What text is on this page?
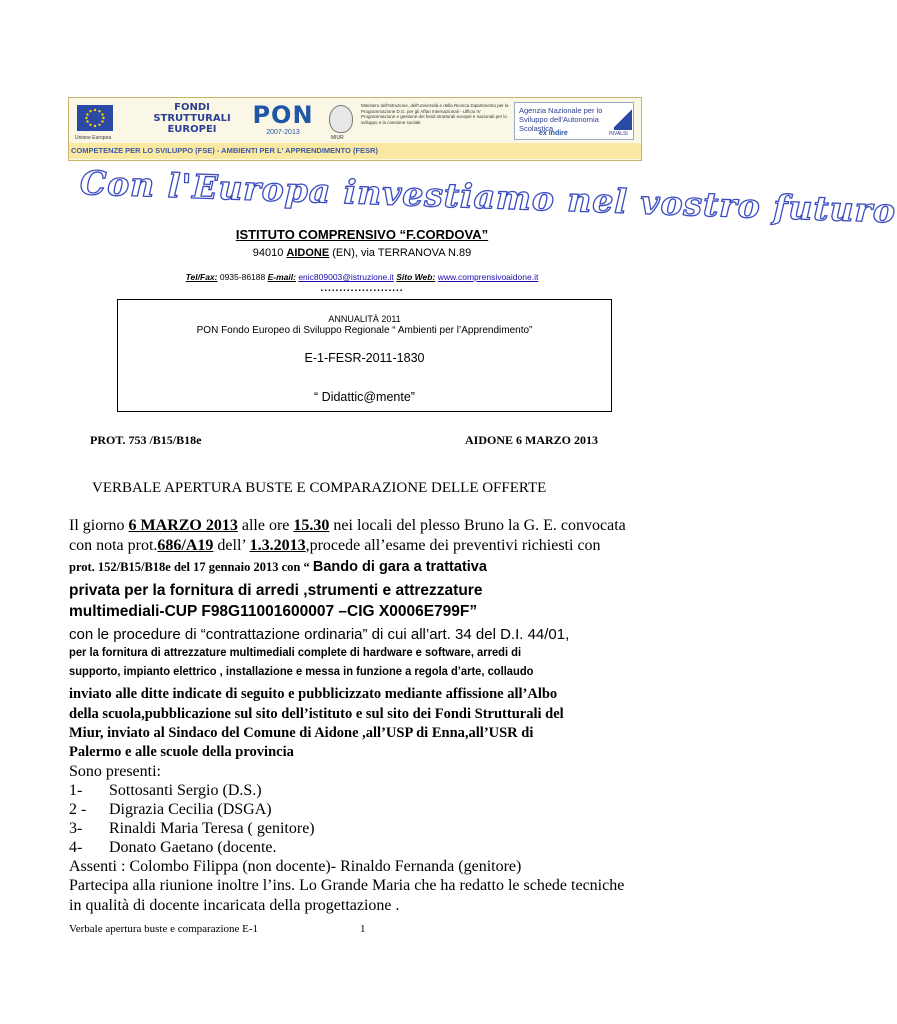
Unione Europea
FONDI STRUTTURALI EUROPEI
PON
2007-2013
MIUR
Ministero dell'Istruzione, dell'Università e della Ricerca Dipartimento per la Programmazione D.G. per gli Affari Internazionali - Ufficio IV Programmazione e gestione dei fondi strutturali europei e nazionali per lo sviluppo e la coesione sociale
Agenzia Nazionale per lo Sviluppo dell'Autonomia Scolastica
ex indire	INVALSI
COMPETENZE PER LO SVILUPPO (FSE) - AMBIENTI PER L' APPRENDIMENTO (FESR)
Con l'Europa investiamo nel vostro futuro
ISTITUTO COMPRENSIVO “F.CORDOVA”
94010 AIDONE (EN), via TERRANOVA N.89
Tel/Fax: 0935-86188 E-mail: enic809003@istruzione.it Sito Web: www.comprensivoaidone.it
......................
ANNUALITÀ 2011
PON Fondo Europeo di Sviluppo Regionale “ Ambienti per l’Apprendimento”
E-1-FESR-2011-1830
“ Didattic@mente”
PROT. 753 /B15/B18e	AIDONE 6 MARZO 2013
VERBALE APERTURA BUSTE E COMPARAZIONE DELLE OFFERTE
Il giorno 6 MARZO 2013 alle ore 15.30 nei locali del plesso Bruno la G. E. convocata
con nota prot.686/A19 dell’ 1.3.2013,procede all’esame dei preventivi richiesti con
prot. 152/B15/B18e del 17 gennaio 2013 con “ Bando di gara a trattativa
privata per la fornitura di arredi ,strumenti e attrezzature
multimediali-CUP F98G11001600007 –CIG X0006E799F”
con le procedure di “contrattazione ordinaria” di cui all’art. 34 del D.I. 44/01,
per la fornitura di attrezzature multimediali complete di hardware e software, arredi di
supporto, impianto elettrico , installazione e messa in funzione a regola d’arte, collaudo
inviato alle ditte indicate di seguito e pubblicizzato mediante affissione all’Albo
della scuola,pubblicazione sul sito dell’istituto e sul sito dei Fondi Strutturali del
Miur, inviato al Sindaco del Comune di Aidone ,all’USP di Enna,all’USR di
Palermo e alle scuole della provincia
Sono presenti:
1- Sottosanti Sergio (D.S.)
2 - Digrazia Cecilia (DSGA)
3- Rinaldi Maria Teresa ( genitore)
4- Donato Gaetano (docente.
Assenti : Colombo Filippa (non docente)- Rinaldo Fernanda (genitore)
Partecipa alla riunione inoltre l’ins. Lo Grande Maria che ha redatto le schede tecniche
in qualità di docente incaricata della progettazione .
Verbale apertura buste e comparazione E-1	1
